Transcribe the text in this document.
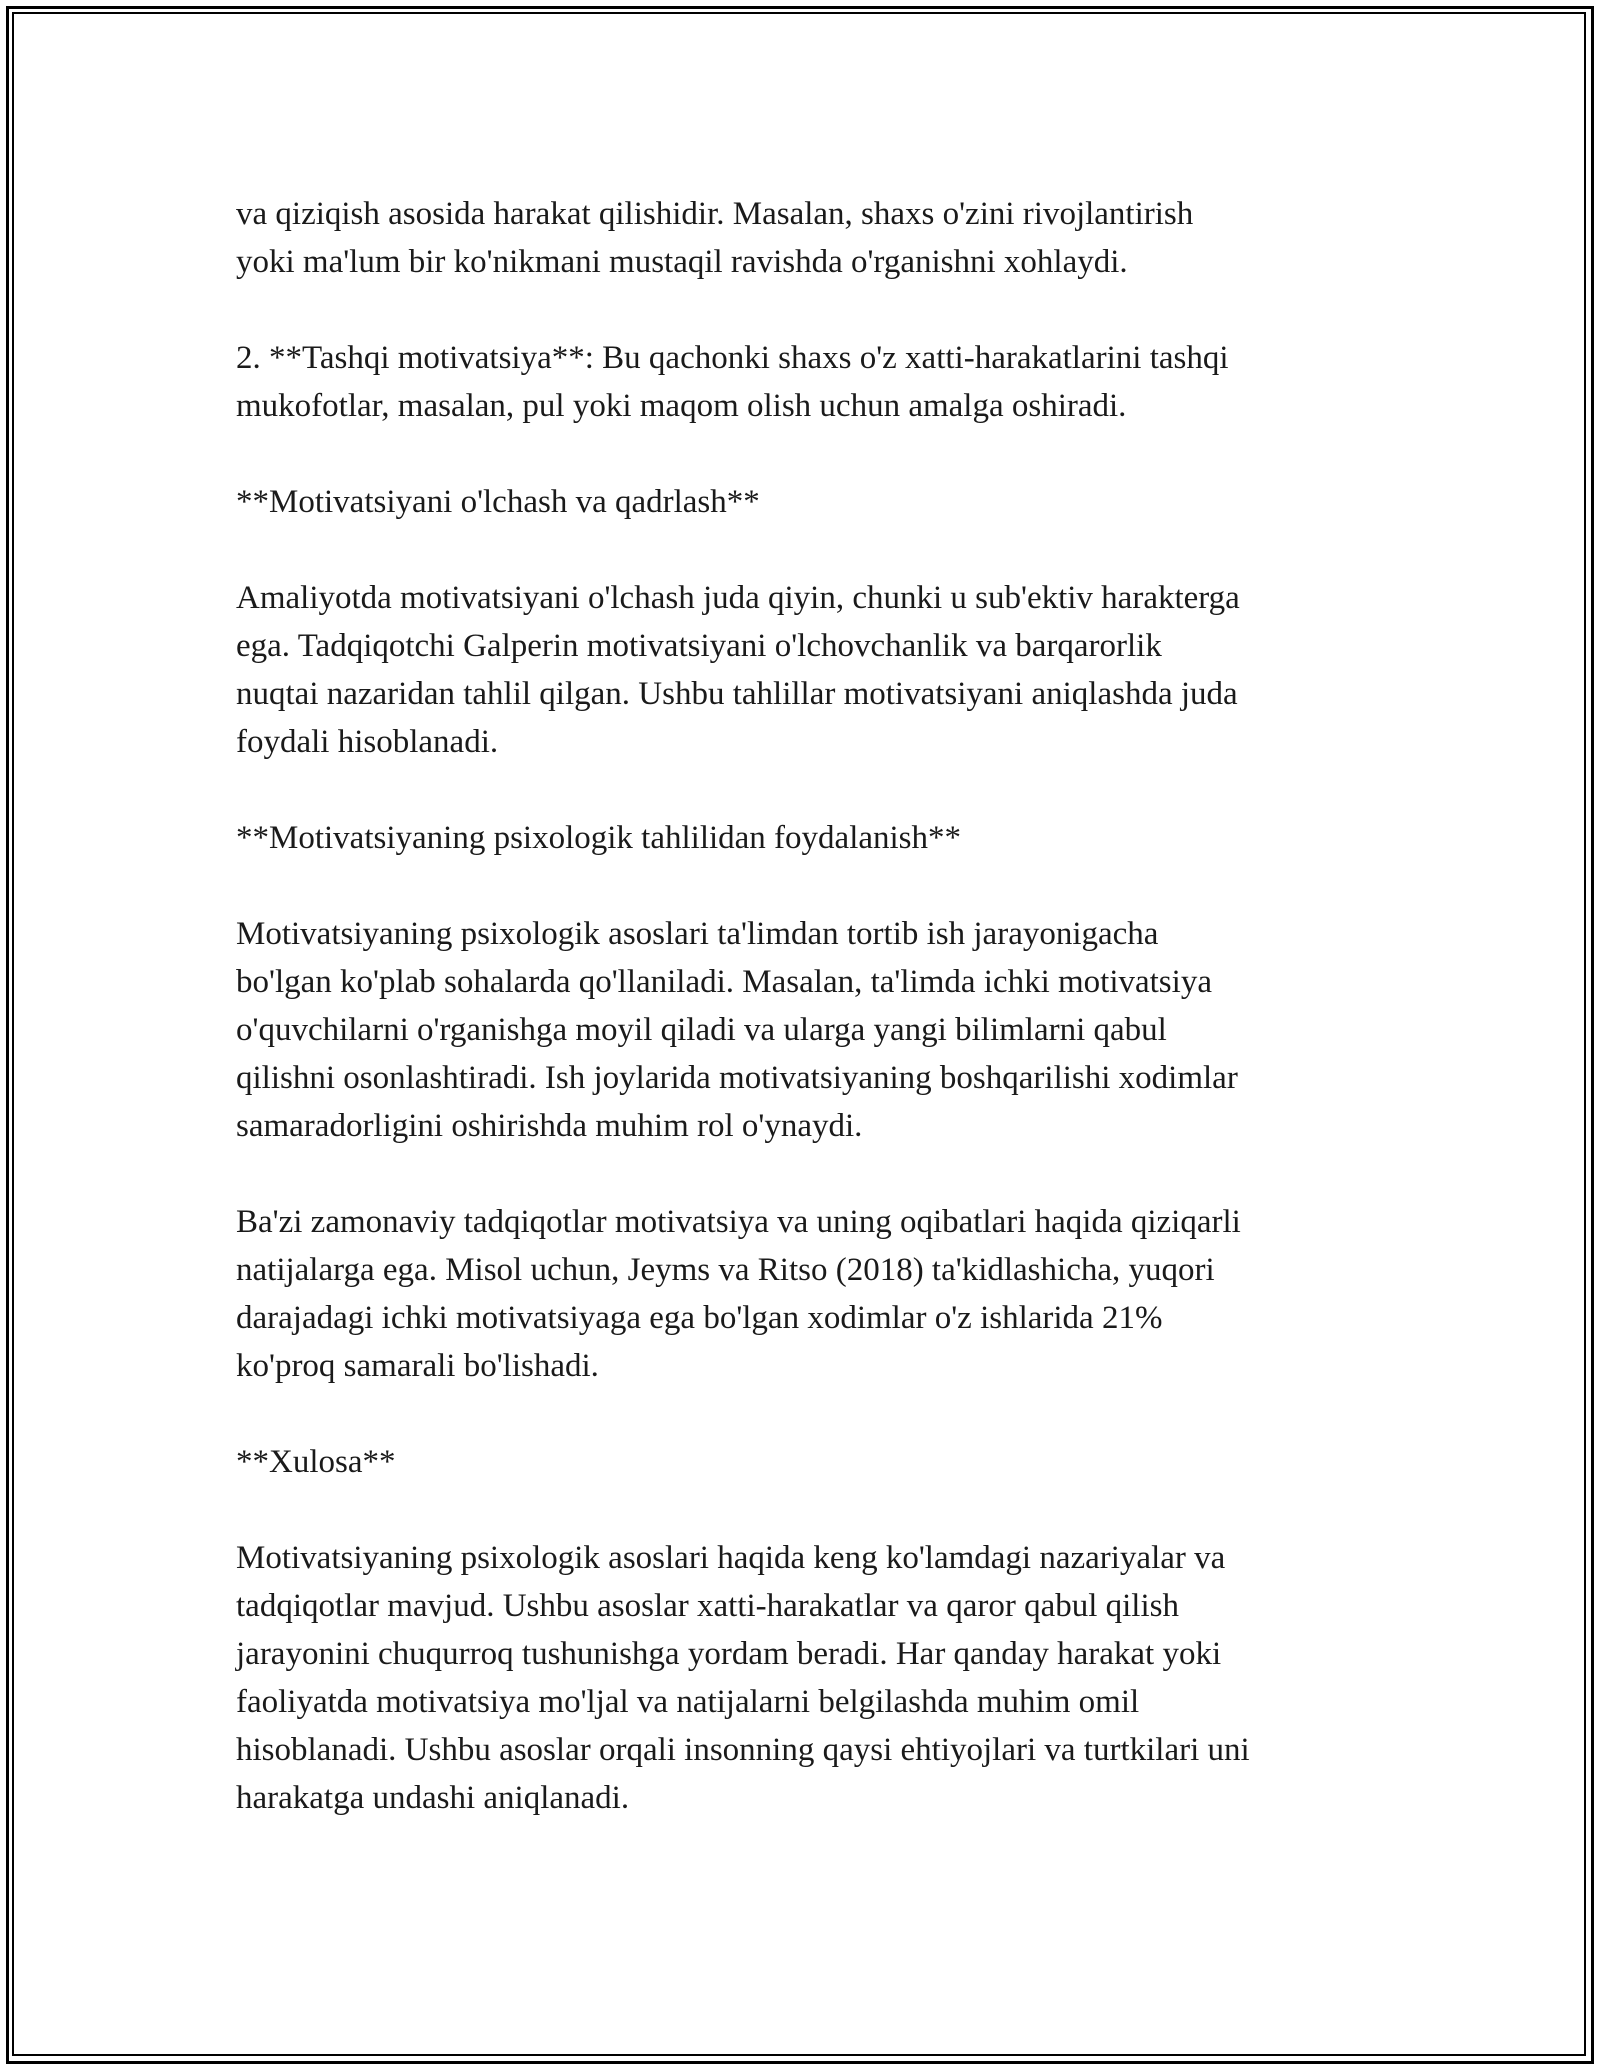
va qiziqish asosida harakat qilishidir. Masalan, shaxs o'zini rivojlantirish
yoki ma'lum bir ko'nikmani mustaqil ravishda o'rganishni xohlaydi.

2. **Tashqi motivatsiya**: Bu qachonki shaxs o'z xatti-harakatlarini tashqi
mukofotlar, masalan, pul yoki maqom olish uchun amalga oshiradi.

**Motivatsiyani o'lchash va qadrlash**

Amaliyotda motivatsiyani o'lchash juda qiyin, chunki u sub'ektiv harakterga
ega. Tadqiqotchi Galperin motivatsiyani o'lchovchanlik va barqarorlik
nuqtai nazaridan tahlil qilgan. Ushbu tahlillar motivatsiyani aniqlashda juda
foydali hisoblanadi.

**Motivatsiyaning psixologik tahlilidan foydalanish**

Motivatsiyaning psixologik asoslari ta'limdan tortib ish jarayonigacha
bo'lgan ko'plab sohalarda qo'llaniladi. Masalan, ta'limda ichki motivatsiya
o'quvchilarni o'rganishga moyil qiladi va ularga yangi bilimlarni qabul
qilishni osonlashtiradi. Ish joylarida motivatsiyaning boshqarilishi xodimlar
samaradorligini oshirishda muhim rol o'ynaydi.

Ba'zi zamonaviy tadqiqotlar motivatsiya va uning oqibatlari haqida qiziqarli
natijalarga ega. Misol uchun, Jeyms va Ritso (2018) ta'kidlashicha, yuqori
darajadagi ichki motivatsiyaga ega bo'lgan xodimlar o'z ishlarida 21%
ko'proq samarali bo'lishadi.

**Xulosa**

Motivatsiyaning psixologik asoslari haqida keng ko'lamdagi nazariyalar va
tadqiqotlar mavjud. Ushbu asoslar xatti-harakatlar va qaror qabul qilish
jarayonini chuqurroq tushunishga yordam beradi. Har qanday harakat yoki
faoliyatda motivatsiya mo'ljal va natijalarni belgilashda muhim omil
hisoblanadi. Ushbu asoslar orqali insonning qaysi ehtiyojlari va turtkilari uni
harakatga undashi aniqlanadi.
